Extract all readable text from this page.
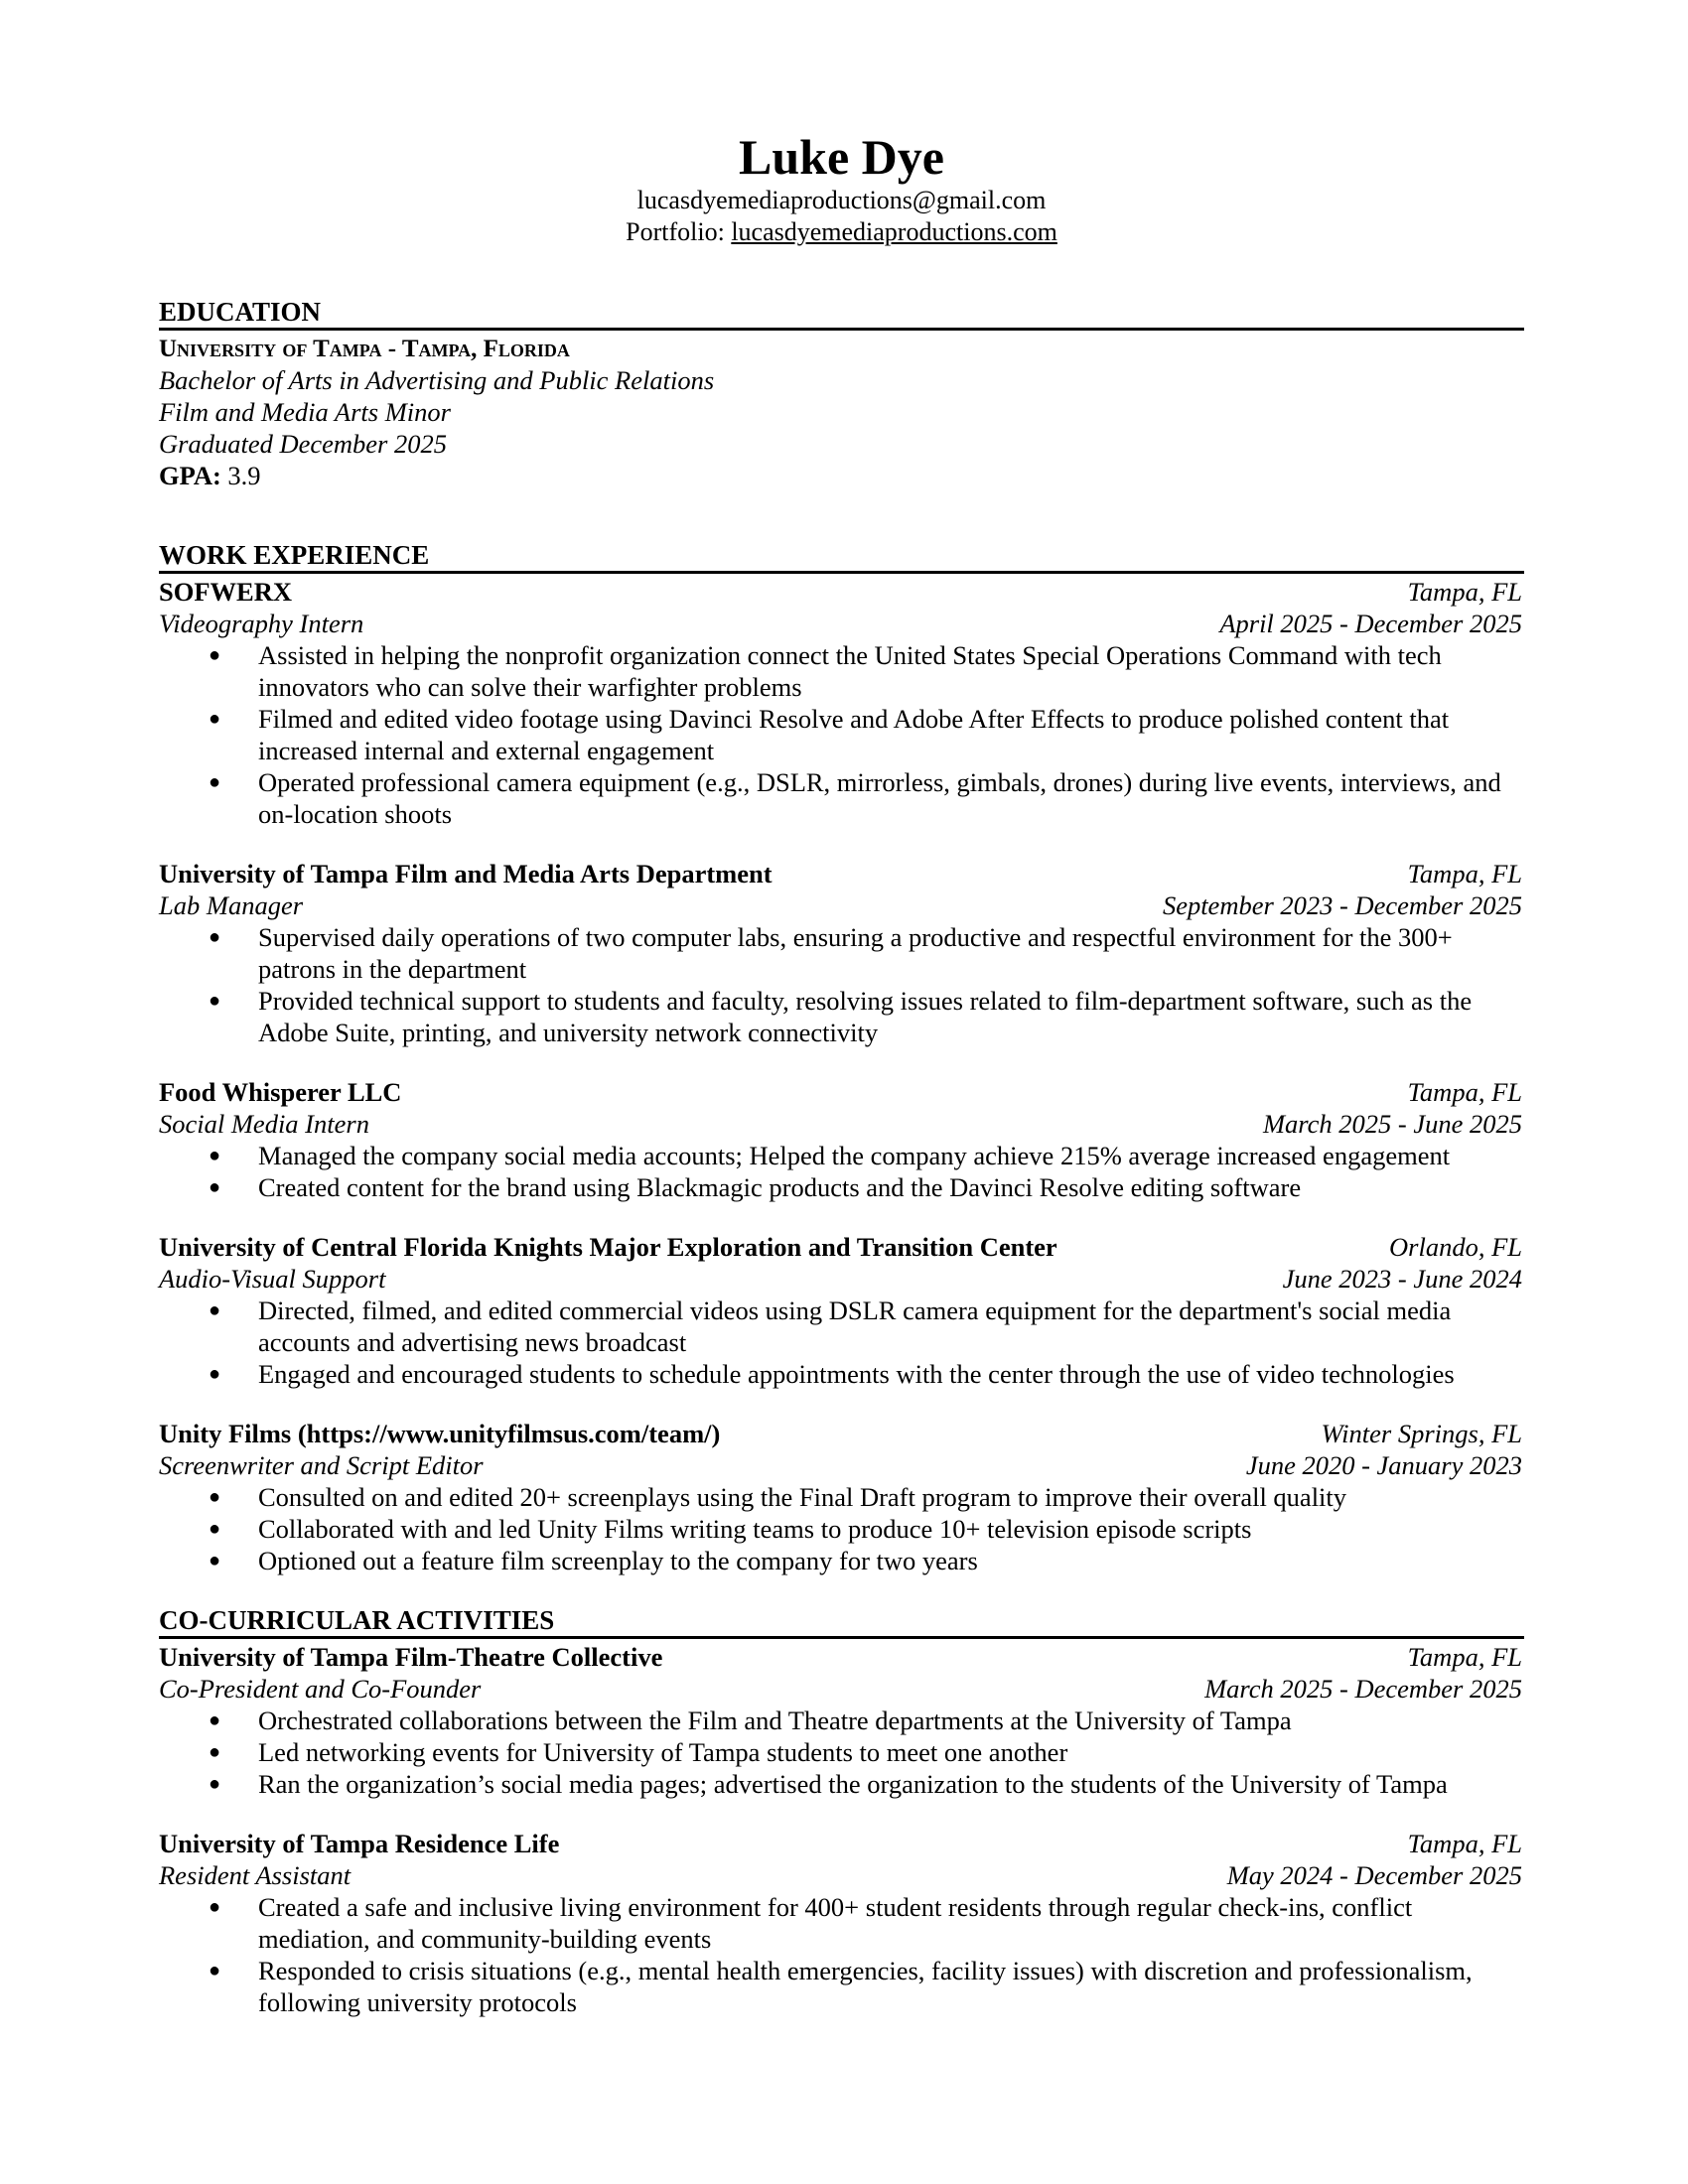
Luke Dye
lucasdyemediaproductions@gmail.com
Portfolio: lucasdyemediaproductions.com
EDUCATION
University of Tampa - Tampa, Florida
Bachelor of Arts in Advertising and Public Relations
Film and Media Arts Minor
Graduated December 2025
GPA: 3.9
WORK EXPERIENCE
SOFWERX	Tampa, FL
Videography Intern	April 2025 - December 2025
● Assisted in helping the nonprofit organization connect the United States Special Operations Command with tech innovators who can solve their warfighter problems
● Filmed and edited video footage using Davinci Resolve and Adobe After Effects to produce polished content that increased internal and external engagement
● Operated professional camera equipment (e.g., DSLR, mirrorless, gimbals, drones) during live events, interviews, and on-location shoots
University of Tampa Film and Media Arts Department	Tampa, FL
Lab Manager	September 2023 - December 2025
● Supervised daily operations of two computer labs, ensuring a productive and respectful environment for the 300+ patrons in the department
● Provided technical support to students and faculty, resolving issues related to film-department software, such as the Adobe Suite, printing, and university network connectivity
Food Whisperer LLC	Tampa, FL
Social Media Intern	March 2025 - June 2025
● Managed the company social media accounts; Helped the company achieve 215% average increased engagement
● Created content for the brand using Blackmagic products and the Davinci Resolve editing software
University of Central Florida Knights Major Exploration and Transition Center	Orlando, FL
Audio-Visual Support	June 2023 - June 2024
● Directed, filmed, and edited commercial videos using DSLR camera equipment for the department's social media accounts and advertising news broadcast
● Engaged and encouraged students to schedule appointments with the center through the use of video technologies
Unity Films (https://www.unityfilmsus.com/team/)	Winter Springs, FL
Screenwriter and Script Editor	June 2020 - January 2023
● Consulted on and edited 20+ screenplays using the Final Draft program to improve their overall quality
● Collaborated with and led Unity Films writing teams to produce 10+ television episode scripts
● Optioned out a feature film screenplay to the company for two years
CO-CURRICULAR ACTIVITIES
University of Tampa Film-Theatre Collective	Tampa, FL
Co-President and Co-Founder	March 2025 - December 2025
● Orchestrated collaborations between the Film and Theatre departments at the University of Tampa
● Led networking events for University of Tampa students to meet one another
● Ran the organization’s social media pages; advertised the organization to the students of the University of Tampa
University of Tampa Residence Life	Tampa, FL
Resident Assistant	May 2024 - December 2025
● Created a safe and inclusive living environment for 400+ student residents through regular check-ins, conflict mediation, and community-building events
● Responded to crisis situations (e.g., mental health emergencies, facility issues) with discretion and professionalism, following university protocols
